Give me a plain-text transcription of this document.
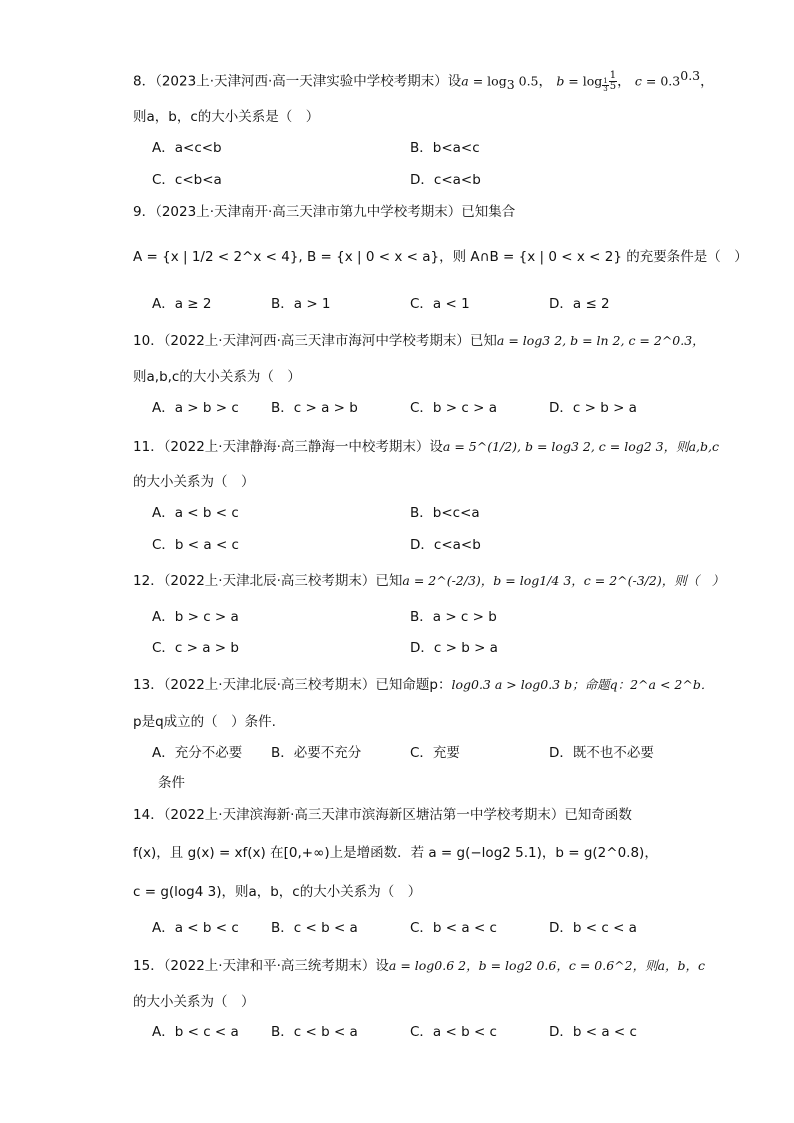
8．（2023上·天津河西·高一天津实验中学校考期末）设$a = \log_3 0.5$， $b = \log _{\frac{1}{3}} \frac{1}{5}$ ， $c = 0.3^{0.3}$，
则a，b，c的大小关系是（　）
A．a<c<b	B．b<a<c
C．c<b<a	D．c<a<b
9．（2023上·天津南开·高三天津市第九中学校考期末）已知集合
A = {x | 1/2 < 2^x < 4}, B = {x | 0 < x < a}，则 A∩B = {x | 0 < x < 2} 的充要条件是（　）
A．a ≥ 2	B．a > 1	C．a < 1	D．a ≤ 2
10．（2022上·天津河西·高三天津市海河中学校考期末）已知a = log3 2, b = ln 2, c = 2^0.3，
则a,b,c的大小关系为（　）
A．a > b > c B．c > a > b	C．b > c > a	D．c > b > a
11．（2022上·天津静海·高三静海一中校考期末）设a = 5^(1/2), b = log3 2, c = log2 3，则a,b,c
的大小关系为（　）
A．a < b < c	B．b<c<a
C．b < a < c	D．c<a<b
12．（2022上·天津北辰·高三校考期末）已知a = 2^(-2/3)，b = log1/4 3，c = 2^(-3/2)，则（　）
A．b > c > a	B．a > c > b
C．c > a > b	D．c > b > a
13．（2022上·天津北辰·高三校考期末）已知命题p：log0.3 a > log0.3 b；命题q：2^a < 2^b．
p是q成立的（　）条件.
A．充分不必要 B．必要不充分	C．充要	D．既不也不必要
条件
14．（2022上·天津滨海新·高三天津市滨海新区塘沽第一中学校考期末）已知奇函数
f(x)，且 g(x) = xf(x) 在[0,+∞)上是增函数．若 a = g(−log2 5.1)，b = g(2^0.8)，
c = g(log4 3)，则a，b，c的大小关系为（　）
A．a < b < c B．c < b < a	C．b < a < c	D．b < c < a
15．（2022上·天津和平·高三统考期末）设a = log0.6 2，b = log2 0.6，c = 0.6^2，则a，b，c
的大小关系为（　）
A．b < c < a B．c < b < a	C．a < b < c	D．b < a < c
